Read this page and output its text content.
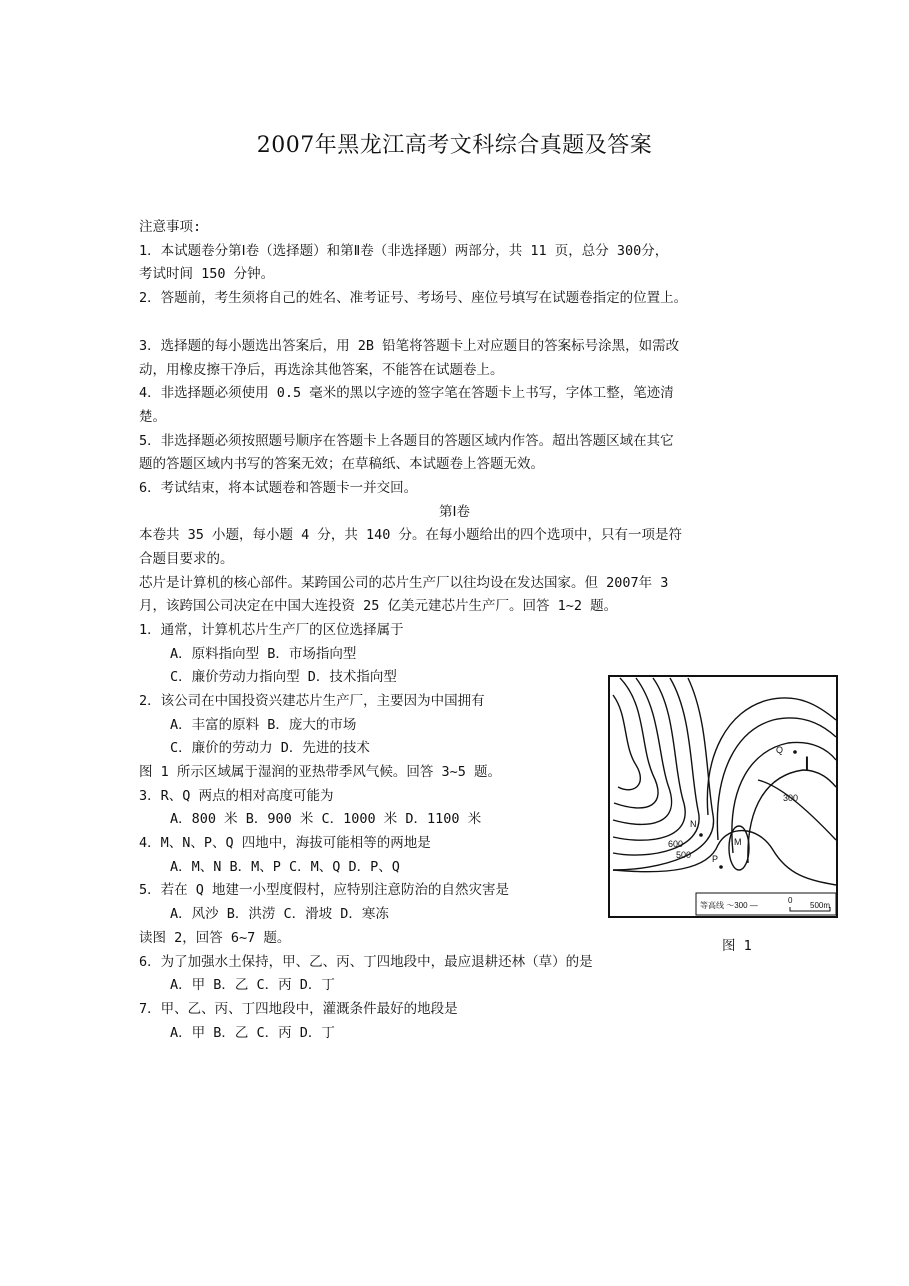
2007年黑龙江高考文科综合真题及答案
注意事项:
1．本试题卷分第Ⅰ卷（选择题）和第Ⅱ卷（非选择题）两部分，共 11 页，总分 300分，
考试时间 150 分钟。
2．答题前，考生须将自己的姓名、准考证号、考场号、座位号填写在试题卷指定的位置上。
3．选择题的每小题选出答案后，用 2B 铅笔将答题卡上对应题目的答案标号涂黑，如需改
动，用橡皮擦干净后，再选涂其他答案，不能答在试题卷上。
4．非选择题必须使用 0.5 毫米的黑以字迹的签字笔在答题卡上书写，字体工整，笔迹清
楚。
5．非选择题必须按照题号顺序在答题卡上各题目的答题区域内作答。超出答题区域在其它
题的答题区域内书写的答案无效；在草稿纸、本试题卷上答题无效。
6．考试结束，将本试题卷和答题卡一并交回。
第Ⅰ卷
本卷共 35 小题，每小题 4 分，共 140 分。在每小题给出的四个选项中，只有一项是符
合题目要求的。
芯片是计算机的核心部件。某跨国公司的芯片生产厂以往均设在发达国家。但 2007年 3
月，该跨国公司决定在中国大连投资 25 亿美元建芯片生产厂。回答 1~2 题。
1．通常，计算机芯片生产厂的区位选择属于
A．原料指向型 B．市场指向型
C．廉价劳动力指向型 D．技术指向型
2．该公司在中国投资兴建芯片生产厂，主要因为中国拥有
A．丰富的原料 B．庞大的市场
C．廉价的劳动力 D．先进的技术
图 1 所示区域属于湿润的亚热带季风气候。回答 3~5 题。
3．R、Q 两点的相对高度可能为
A．800 米 B．900 米 C．1000 米 D．1100 米
4．M、N、P、Q 四地中，海拔可能相等的两地是
A．M、N B．M、P C．M、Q D．P、Q
5．若在 Q 地建一小型度假村，应特别注意防治的自然灾害是
A．风沙 B．洪涝 C．滑坡 D．寒冻
读图 2，回答 6~7 题。
6．为了加强水土保持，甲、乙、丙、丁四地段中，最应退耕还林（草）的是
A．甲 B．乙 C．丙 D．丁
7．甲、乙、丙、丁四地段中，灌溉条件最好的地段是
A．甲 B．乙 C．丙 D．丁
Q
Ⅰ
N
P
M
300
600
500
等高线 ～300 —
0
500m
图 1
